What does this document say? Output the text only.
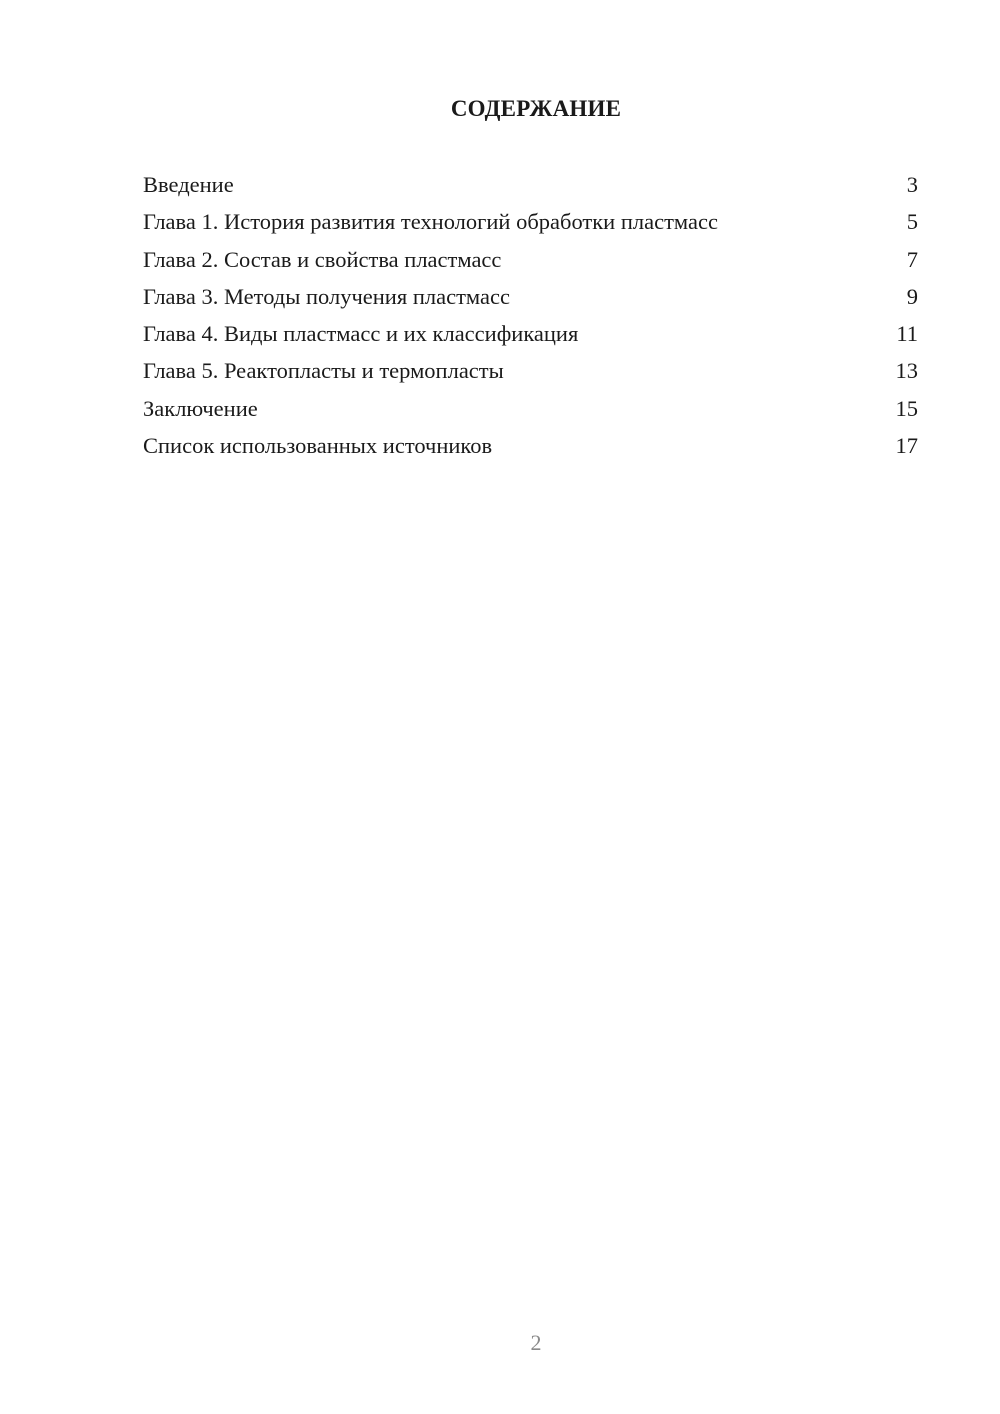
СОДЕРЖАНИЕ
Введение	3
Глава 1. История развития технологий обработки пластмасс	5
Глава 2. Состав и свойства пластмасс	7
Глава 3. Методы получения пластмасс	9
Глава 4. Виды пластмасс и их классификация	11
Глава 5. Реактопласты и термопласты	13
Заключение	15
Список использованных источников	17
2
